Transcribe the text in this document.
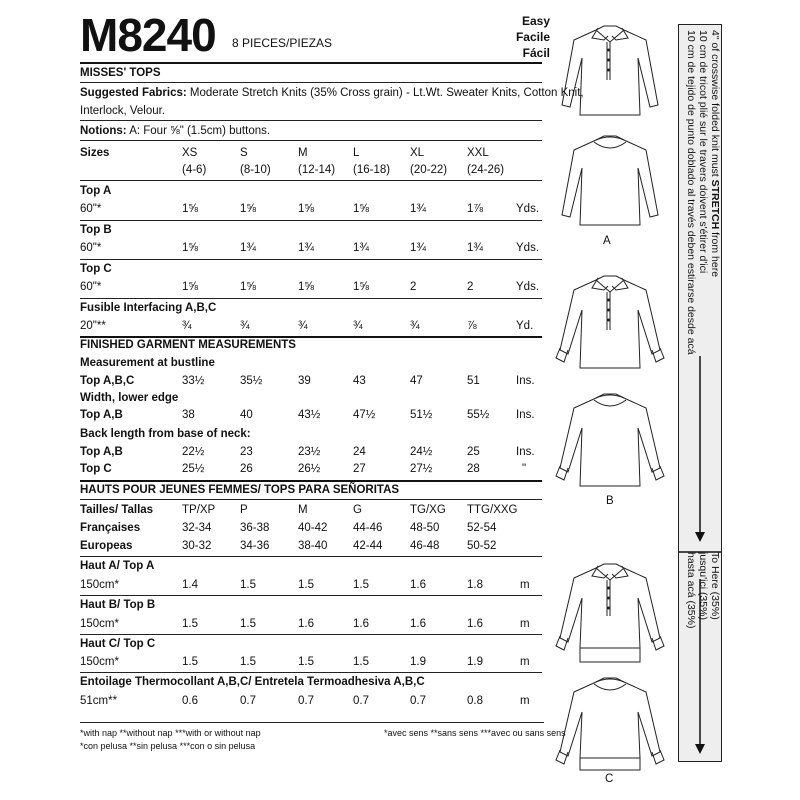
M8240 8 PIECES/PIEZAS
Easy
Facile
Fácil
MISSES' TOPS
Suggested Fabrics: Moderate Stretch Knits (35% Cross grain) - Lt.Wt. Sweater Knits, Cotton Knit,
Interlock, Velour.
Notions: A: Four ⅝" (1.5cm) buttons.
Sizes	XS	S	M	L	XL	XXL
(4-6)	(8-10) (12-14) (16-18) (20-22) (24-26)
Top A
60"*	1⅝	1⅝	1⅝	1⅝	1¾	1⅞	Yds.
Top B
60"*	1⅝	1¾	1¾	1¾	1¾	1¾	Yds.
Top C
60"*	1⅝	1⅝	1⅝	1⅝	2	2	Yds.
Fusible Interfacing A,B,C
20"**	¾	¾	¾	¾	¾	⅞	Yd.
FINISHED GARMENT MEASUREMENTS
Measurement at bustline
Top A,B,C	33½	35½	39	43	47	51	Ins.
Width, lower edge
Top A,B	38	40	43½	47½	51½	55½ Ins.
Back length from base of neck:
Top A,B	22½	23	23½	24	24½	25	Ins.
Top C	25½	26	26½	27	27½	28	"
HAUTS POUR JEUNES FEMMES/ TOPS PARA SEÑORITAS
Tailles/ Tallas	TP/XP P	M	G	TG/XG TTG/XXG
Françaises	32-34 36-38 40-42 44-46 48-50 52-54
Europeas	30-32 34-36 38-40 42-44 46-48 50-52
Haut A/ Top A
150cm*	1.4	1.5	1.5	1.5	1.6	1.8	m
Haut B/ Top B
150cm*	1.5	1.5	1.6	1.6	1.6	1.6	m
Haut C/ Top C
150cm*	1.5	1.5	1.5	1.5	1.9	1.9	m
Entoilage Thermocollant A,B,C/ Entretela Termoadhesiva A,B,C
51cm**	0.6	0.7	0.7	0.7	0.7	0.8	m
*with nap **without nap ***with or without nap
*con pelusa **sin pelusa ***con o sin pelusa
*avec sens **sans sens ***avec ou sans sens
4" of crosswise folded knit must STRETCH from here
10 cm de tricot plié sur le travers doivent s'étirer d'ici
10 cm de tejido de punto doblado al través deben estirarse desde acá
To Here (35%)
jusqu'ici (35%)
hasta acá (35%)
A
B
C
